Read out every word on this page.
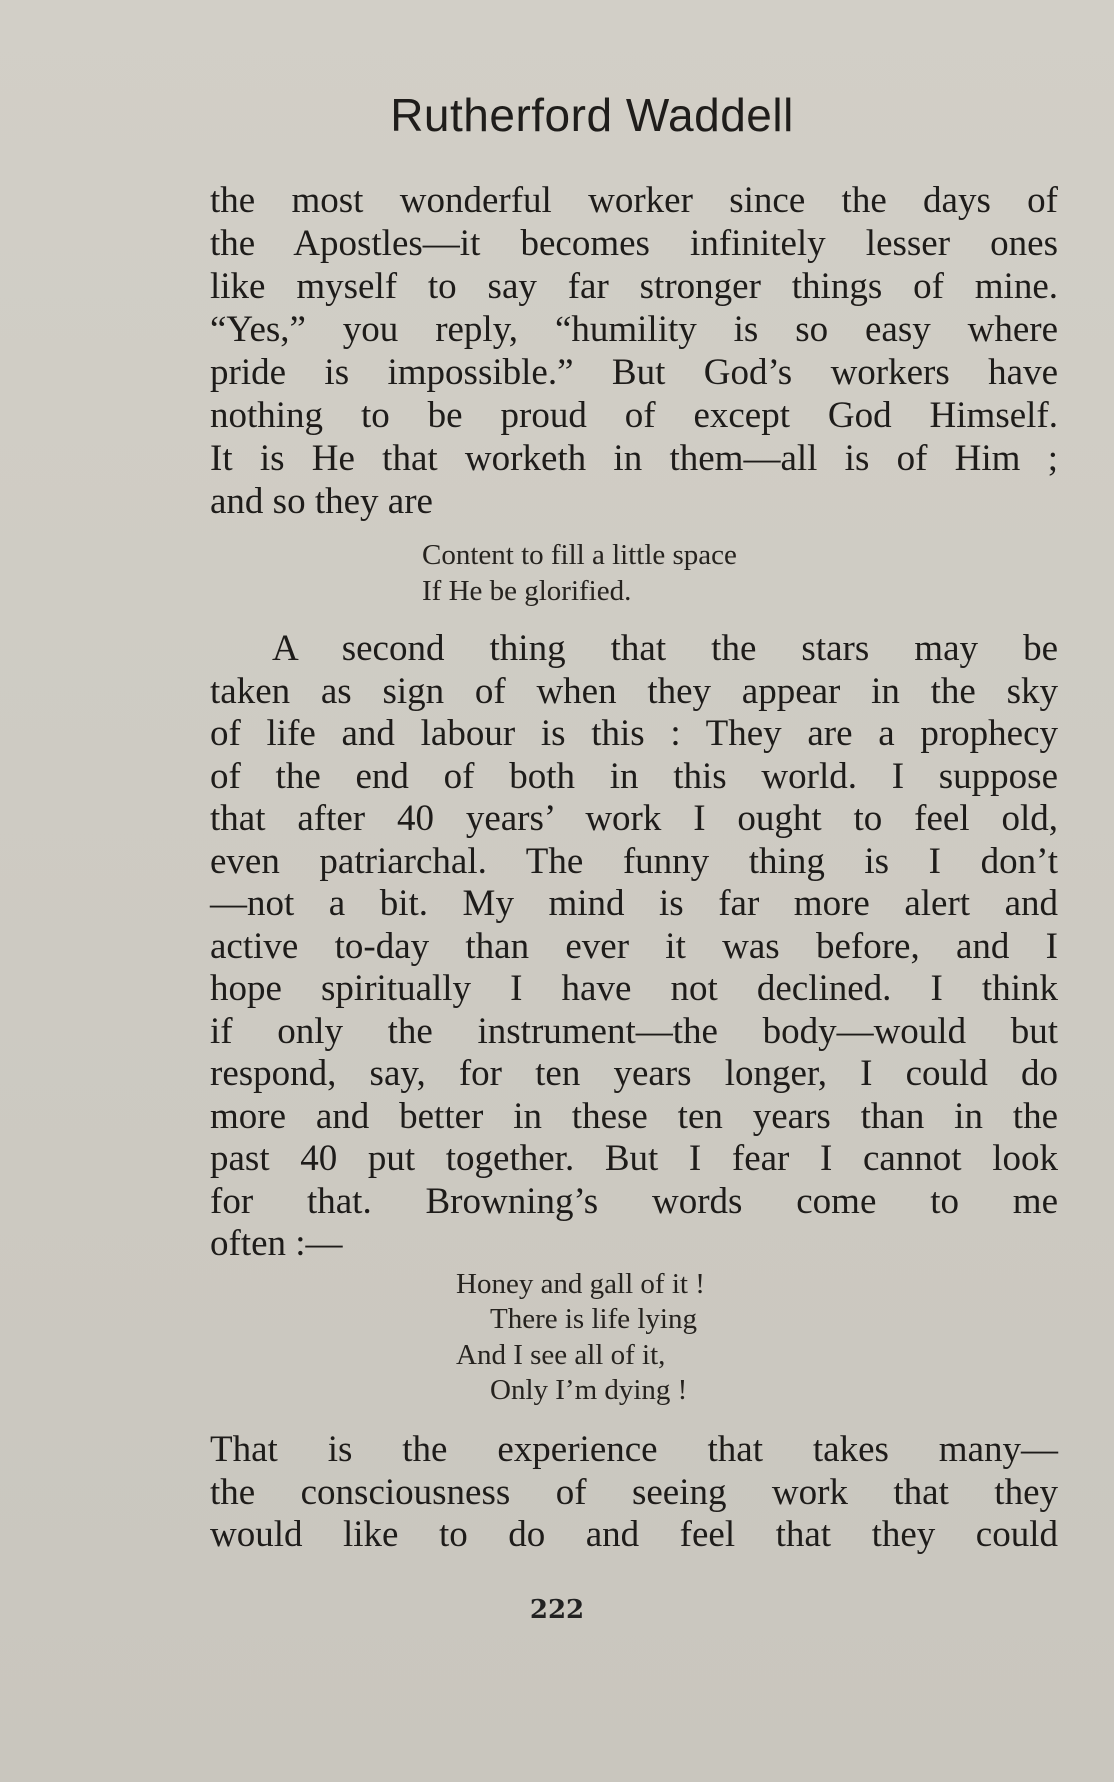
Rutherford Waddell
the most wonderful worker since the days of
the Apostles—it becomes infinitely lesser ones
like myself to say far stronger things of mine.
“Yes,” you reply, “humility is so easy where
pride is impossible.” But God’s workers have
nothing to be proud of except God Himself.
It is He that worketh in them—all is of Him ;
and so they are
Content to fill a little space
If He be glorified.
A second thing that the stars may be
taken as sign of when they appear in the sky
of life and labour is this : They are a prophecy
of the end of both in this world. I suppose
that after 40 years’ work I ought to feel old,
even patriarchal. The funny thing is I don’t
—not a bit. My mind is far more alert and
active to-day than ever it was before, and I
hope spiritually I have not declined. I think
if only the instrument—the body—would but
respond, say, for ten years longer, I could do
more and better in these ten years than in the
past 40 put together. But I fear I cannot look
for that. Browning’s words come to me
often :—
Honey and gall of it !
There is life lying
And I see all of it,
Only I’m dying !
That is the experience that takes many—
the consciousness of seeing work that they
would like to do and feel that they could
222
